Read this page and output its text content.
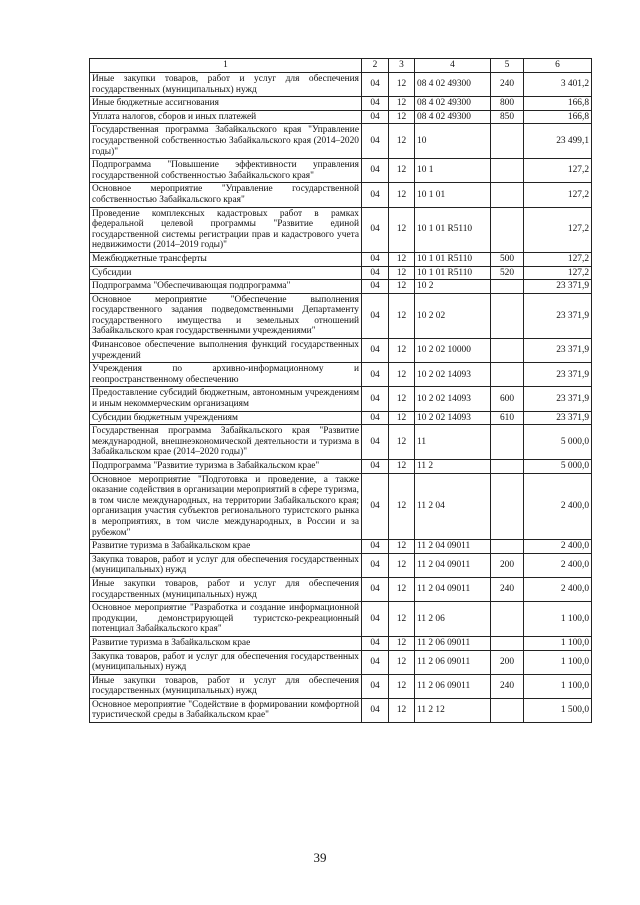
1	2	3	4	5	6
Иные закупки товаров, работ и услуг для обеспечения государственных (муниципальных) нужд	04	12	08 4 02 49300	240	3 401,2
Иные бюджетные ассигнования	04	12	08 4 02 49300	800	166,8
Уплата налогов, сборов и иных платежей	04	12	08 4 02 49300	850	166,8
Государственная программа Забайкальского края "Управление государственной собственностью Забайкальского края (2014–2020 годы)"	04	12	10		23 499,1
Подпрограмма "Повышение эффективности управления государственной собственностью Забайкальского края"	04	12	10 1		127,2
Основное мероприятие "Управление государственной собственностью Забайкальского края"	04	12	10 1 01		127,2
Проведение комплексных кадастровых работ в рамках федеральной целевой программы "Развитие единой государственной системы регистрации прав и кадастрового учета недвижимости (2014–2019 годы)"	04	12	10 1 01 R5110		127,2
Межбюджетные трансферты	04	12	10 1 01 R5110	500	127,2
Субсидии	04	12	10 1 01 R5110	520	127,2
Подпрограмма "Обеспечивающая подпрограмма"	04	12	10 2		23 371,9
Основное мероприятие "Обеспечение выполнения государственного задания подведомственными Департаменту государственного имущества и земельных отношений Забайкальского края государственными учреждениями"	04	12	10 2 02		23 371,9
Финансовое обеспечение выполнения функций государственных учреждений	04	12	10 2 02 10000		23 371,9
Учреждения по архивно-информационному и геопространственному обеспечению	04	12	10 2 02 14093		23 371,9
Предоставление субсидий бюджетным, автономным учреждениям и иным некоммерческим организациям	04	12	10 2 02 14093	600	23 371,9
Субсидии бюджетным учреждениям	04	12	10 2 02 14093	610	23 371,9
Государственная программа Забайкальского края "Развитие международной, внешнеэкономической деятельности и туризма в Забайкальском крае (2014–2020 годы)"	04	12	11		5 000,0
Подпрограмма "Развитие туризма в Забайкальском крае"	04	12	11 2		5 000,0
Основное мероприятие "Подготовка и проведение, а также оказание содействия в организации мероприятий в сфере туризма, в том числе международных, на территории Забайкальского края; организация участия субъектов регионального туристского рынка в мероприятиях, в том числе международных, в России и за рубежом"	04	12	11 2 04		2 400,0
Развитие туризма в Забайкальском крае	04	12	11 2 04 09011		2 400,0
Закупка товаров, работ и услуг для обеспечения государственных (муниципальных) нужд	04	12	11 2 04 09011	200	2 400,0
Иные закупки товаров, работ и услуг для обеспечения государственных (муниципальных) нужд	04	12	11 2 04 09011	240	2 400,0
Основное мероприятие "Разработка и создание информационной продукции, демонстрирующей туристско-рекреационный потенциал Забайкальского края"	04	12	11 2 06		1 100,0
Развитие туризма в Забайкальском крае	04	12	11 2 06 09011		1 100,0
Закупка товаров, работ и услуг для обеспечения государственных (муниципальных) нужд	04	12	11 2 06 09011	200	1 100,0
Иные закупки товаров, работ и услуг для обеспечения государственных (муниципальных) нужд	04	12	11 2 06 09011	240	1 100,0
Основное мероприятие "Содействие в формировании комфортной туристической среды в Забайкальском крае"	04	12	11 2 12		1 500,0
39
